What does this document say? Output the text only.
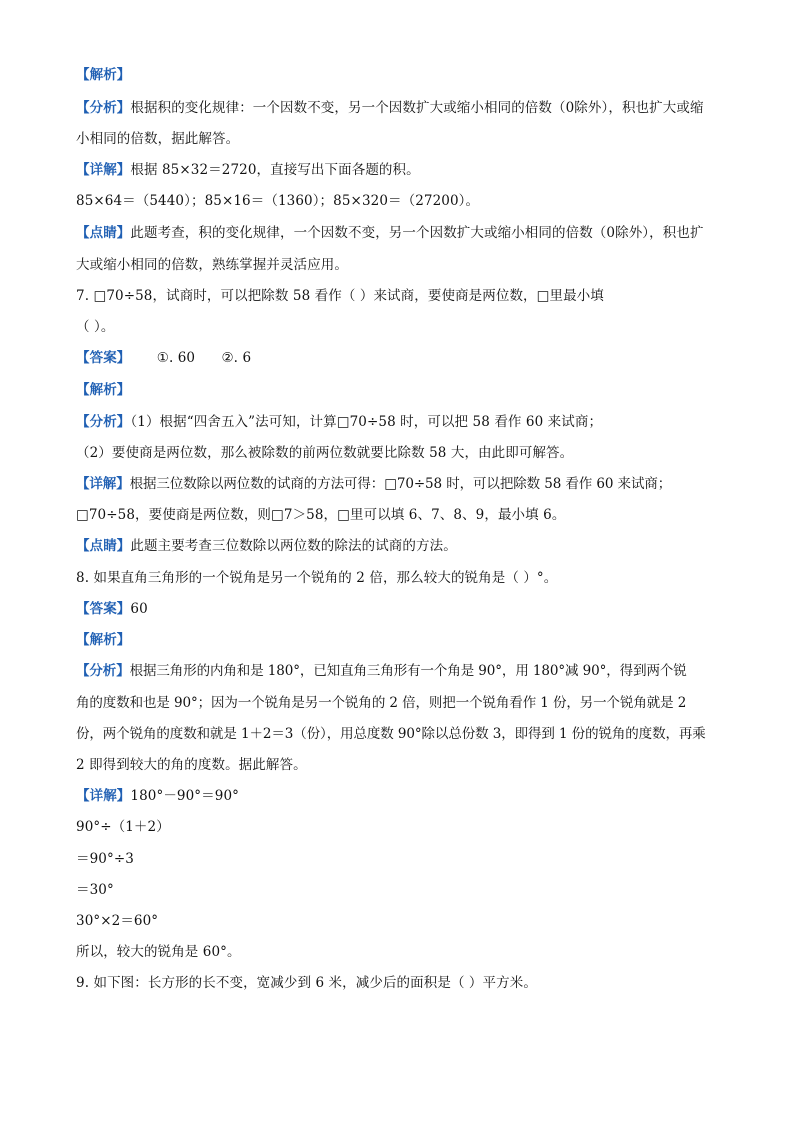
【解析】
【分析】根据积的变化规律：一个因数不变，另一个因数扩大或缩小相同的倍数（0除外），积也扩大或缩
小相同的倍数，据此解答。
【详解】根据 85×32＝2720，直接写出下面各题的积。
85×64＝（5440）；85×16＝（1360）；85×320＝（27200）。
【点睛】此题考查，积的变化规律，一个因数不变，另一个因数扩大或缩小相同的倍数（0除外），积也扩
大或缩小相同的倍数，熟练掌握并灵活应用。
7. □70÷58，试商时，可以把除数 58 看作（ ）来试商，要使商是两位数，□里最小填
（ ）。
【答案】      ①. 60      ②. 6
【解析】
【分析】（1）根据“四舍五入”法可知，计算□70÷58 时，可以把 58 看作 60 来试商；
（2）要使商是两位数，那么被除数的前两位数就要比除数 58 大，由此即可解答。
【详解】根据三位数除以两位数的试商的方法可得：□70÷58 时，可以把除数 58 看作 60 来试商；
□70÷58，要使商是两位数，则□7＞58，□里可以填 6、7、8、9，最小填 6。
【点睛】此题主要考查三位数除以两位数的除法的试商的方法。
8. 如果直角三角形的一个锐角是另一个锐角的 2 倍，那么较大的锐角是（ ）°。
【答案】60
【解析】
【分析】根据三角形的内角和是 180°，已知直角三角形有一个角是 90°，用 180°减 90°，得到两个锐
角的度数和也是 90°；因为一个锐角是另一个锐角的 2 倍，则把一个锐角看作 1 份，另一个锐角就是 2
份，两个锐角的度数和就是 1＋2＝3（份），用总度数 90°除以总份数 3，即得到 1 份的锐角的度数，再乘
2 即得到较大的角的度数。据此解答。
【详解】180°－90°＝90°
90°÷（1＋2）
＝90°÷3
＝30°
30°×2＝60°
所以，较大的锐角是 60°。
9. 如下图：长方形的长不变，宽减少到 6 米，减少后的面积是（ ）平方米。
